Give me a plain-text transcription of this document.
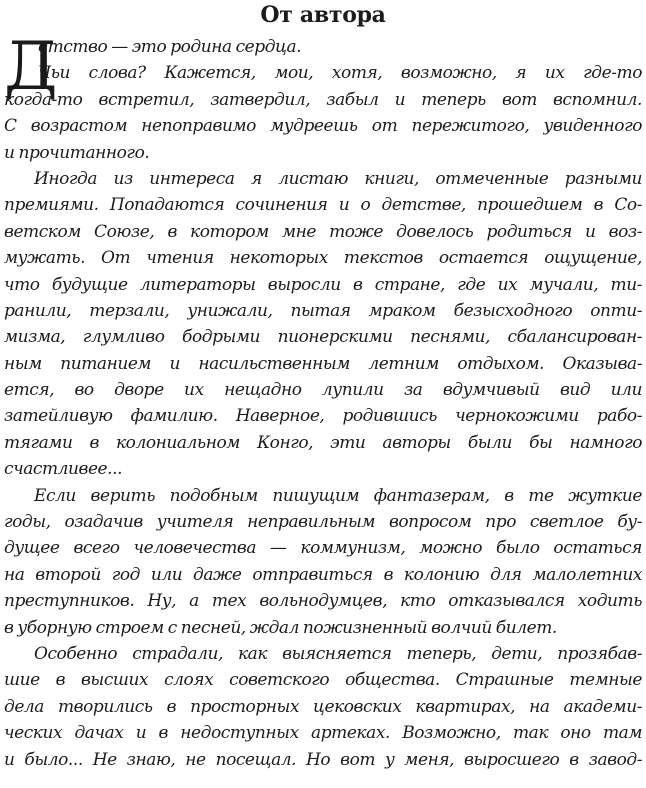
От автора
Д
етство — это родина сердца.
Чьи слова? Кажется, мои, хотя, возможно, я их где-то
когда-то встретил, затвердил, забыл и теперь вот вспомнил.
С возрастом непоправимо мудреешь от пережитого, увиденного
и прочитанного.
Иногда из интереса я листаю книги, отмеченные разными
премиями. Попадаются сочинения и о детстве, прошедшем в Со-
ветском Союзе, в котором мне тоже довелось родиться и воз-
мужать. От чтения некоторых текстов остается ощущение,
что будущие литераторы выросли в стране, где их мучали, ти-
ранили, терзали, унижали, пытая мраком безысходного опти-
мизма, глумливо бодрыми пионерскими песнями, сбалансирован-
ным питанием и насильственным летним отдыхом. Оказыва-
ется, во дворе их нещадно лупили за вдумчивый вид или
затейливую фамилию. Наверное, родившись чернокожими рабо-
тягами в колониальном Конго, эти авторы были бы намного
счастливее...
Если верить подобным пишущим фантазерам, в те жуткие
годы, озадачив учителя неправильным вопросом про светлое бу-
дущее всего человечества — коммунизм, можно было остаться
на второй год или даже отправиться в колонию для малолетних
преступников. Ну, а тех вольнодумцев, кто отказывался ходить
в уборную строем с песней, ждал пожизненный волчий билет.
Особенно страдали, как выясняется теперь, дети, прозябав-
шие в высших слоях советского общества. Страшные темные
дела творились в просторных цековских квартирах, на академи-
ческих дачах и в недоступных артеках. Возможно, так оно там
и было... Не знаю, не посещал. Но вот у меня, выросшего в завод-
